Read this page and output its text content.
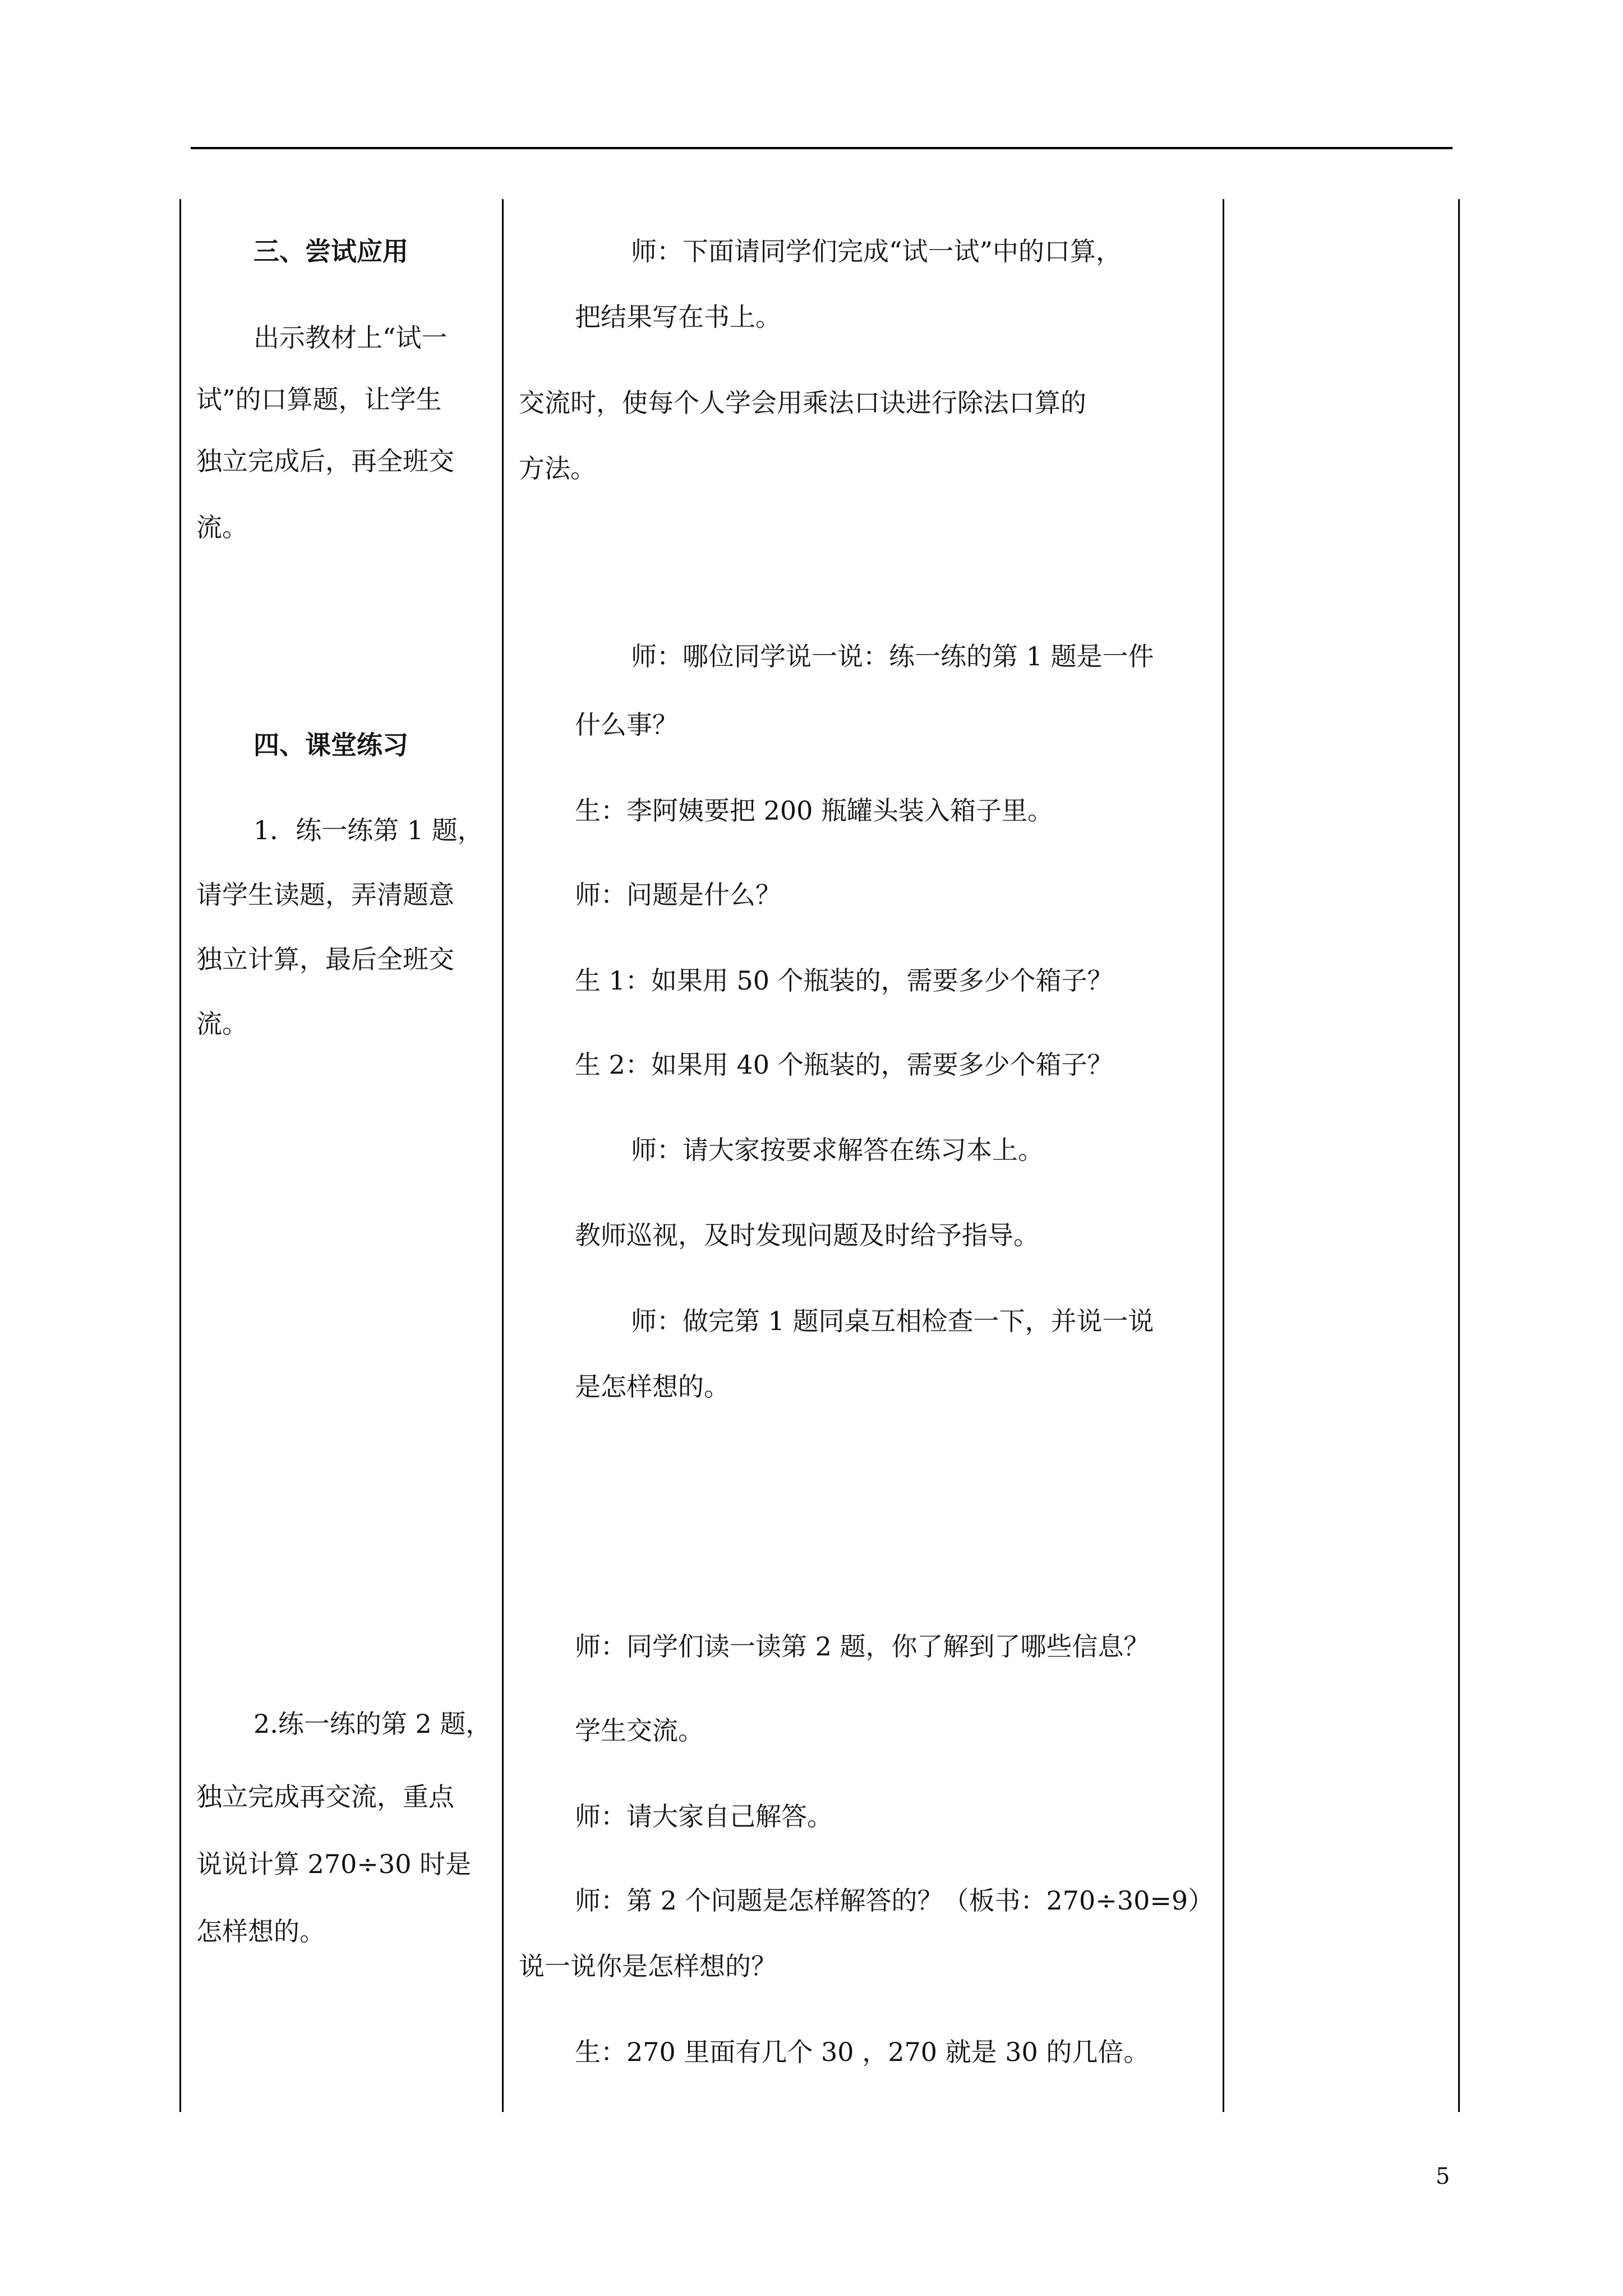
三、尝试应用
出示教材上“试一
试”的口算题，让学生
独立完成后，再全班交
流。
四、课堂练习
1．练一练第 1 题，
请学生读题，弄清题意
独立计算，最后全班交
流。
2.练一练的第 2 题，
独立完成再交流，重点
说说计算 270÷30 时是
怎样想的。
师：下面请同学们完成“试一试”中的口算，
把结果写在书上。
交流时，使每个人学会用乘法口诀进行除法口算的
方法。
师：哪位同学说一说：练一练的第 1 题是一件
什么事？
生：李阿姨要把 200 瓶罐头装入箱子里。
师：问题是什么？
生 1：如果用 50 个瓶装的，需要多少个箱子？
生 2：如果用 40 个瓶装的，需要多少个箱子？
师：请大家按要求解答在练习本上。
教师巡视，及时发现问题及时给予指导。
师：做完第 1 题同桌互相检查一下，并说一说
是怎样想的。
师：同学们读一读第 2 题，你了解到了哪些信息？
学生交流。
师：请大家自己解答。
师：第 2 个问题是怎样解答的？（板书：270÷30=9）
说一说你是怎样想的？
生：270 里面有几个 30 ，270 就是 30 的几倍。
5
